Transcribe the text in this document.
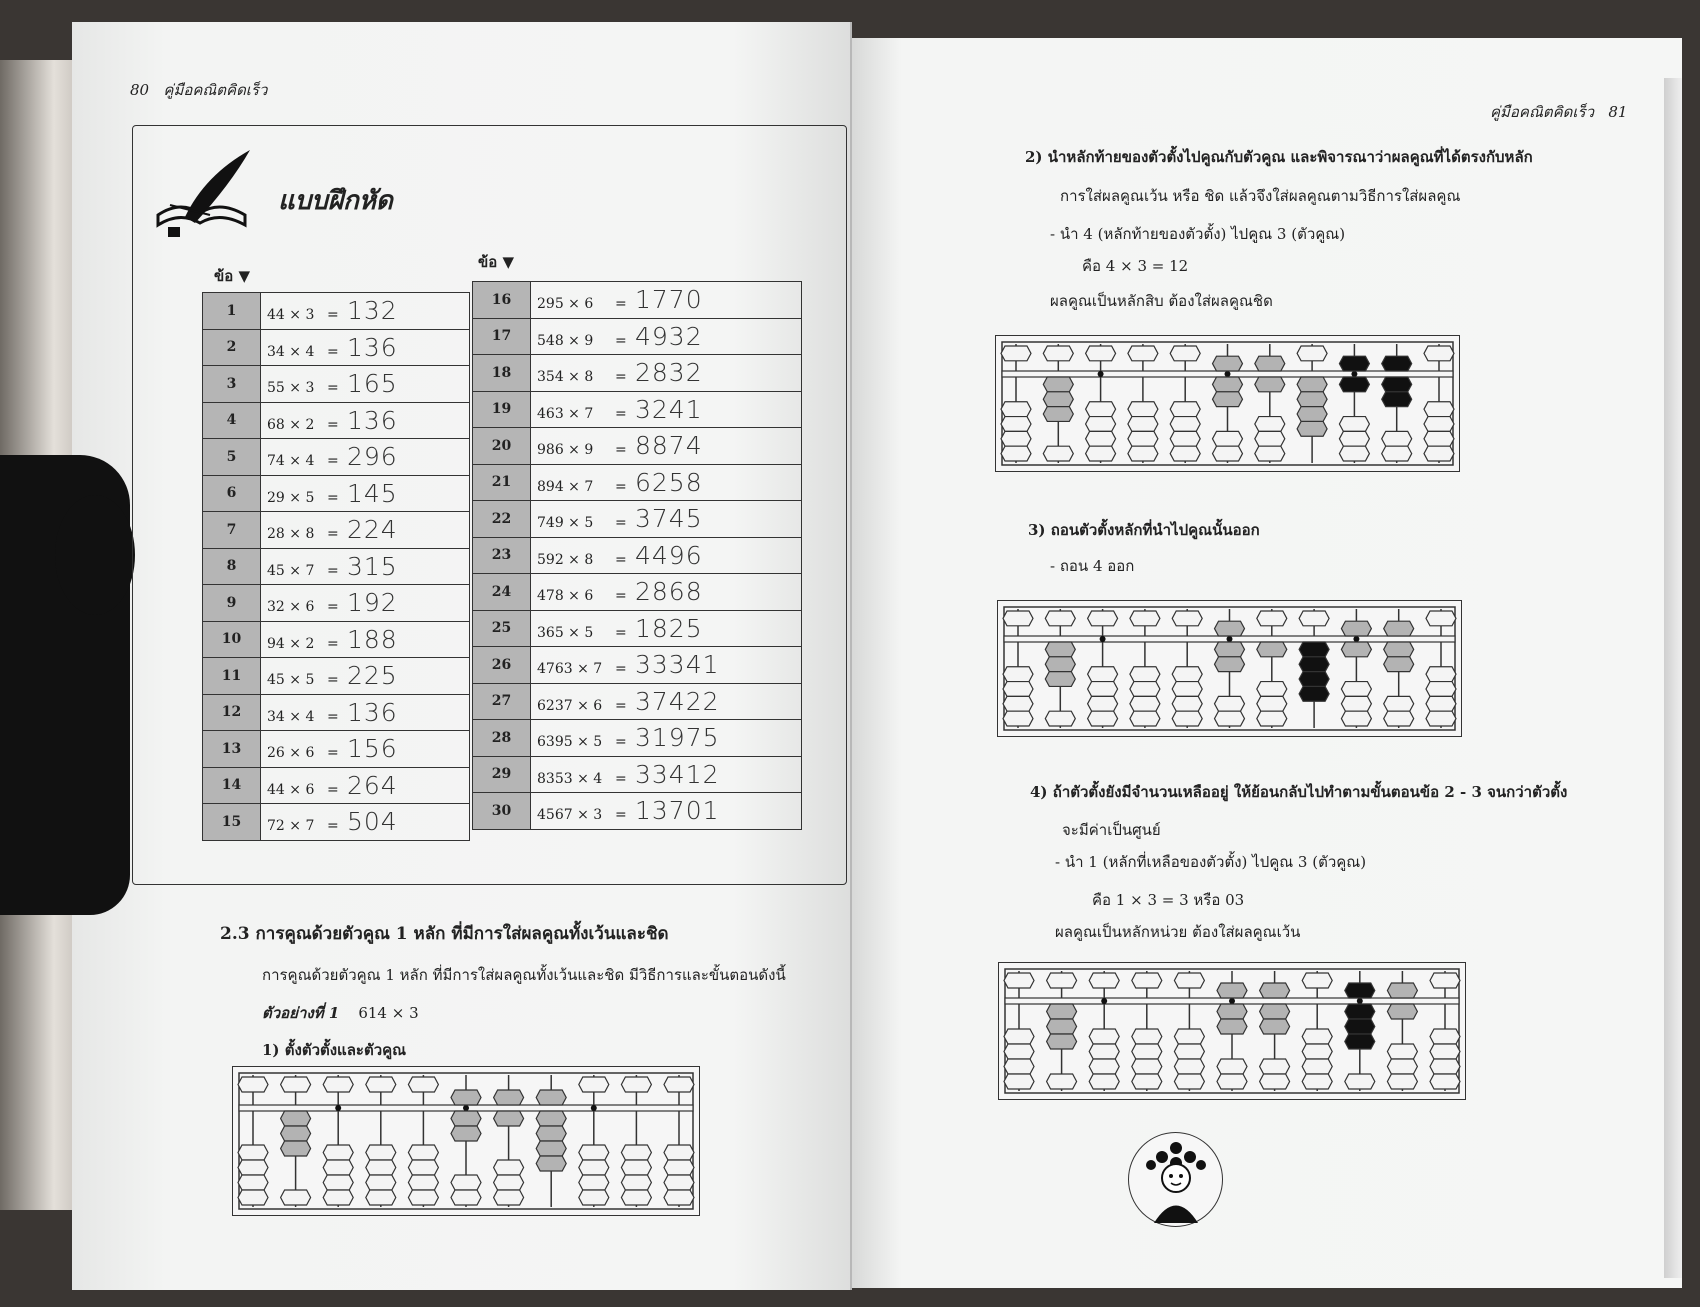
80 คู่มือคณิตคิดเร็ว
แบบฝึกหัด
ข้อ ▼
ข้อ ▼
1	44 × 3 = 132
2	34 × 4 = 136
3	55 × 3 = 165
4	68 × 2 = 136
5	74 × 4 = 296
6	29 × 5 = 145
7	28 × 8 = 224
8	45 × 7 = 315
9	32 × 6 = 192
10	94 × 2 = 188
11	45 × 5 = 225
12	34 × 4 = 136
13	26 × 6 = 156
14	44 × 6 = 264
15	72 × 7 = 504
16	295 × 6 = 1770
17	548 × 9 = 4932
18	354 × 8 = 2832
19	463 × 7 = 3241
20	986 × 9 = 8874
21	894 × 7 = 6258
22	749 × 5 = 3745
23	592 × 8 = 4496
24	478 × 6 = 2868
25	365 × 5 = 1825
26	4763 × 7 = 33341
27	6237 × 6 = 37422
28	6395 × 5 = 31975
29	8353 × 4 = 33412
30	4567 × 3 = 13701
2.3 การคูณด้วยตัวคูณ 1 หลัก ที่มีการใส่ผลคูณทั้งเว้นและชิด
การคูณด้วยตัวคูณ 1 หลัก ที่มีการใส่ผลคูณทั้งเว้นและชิด มีวิธีการและขั้นตอนดังนี้
ตัวอย่างที่ 1 614 × 3
1) ตั้งตัวตั้งและตัวคูณ
คู่มือคณิตคิดเร็ว 81
2) นำหลักท้ายของตัวตั้งไปคูณกับตัวคูณ และพิจารณาว่าผลคูณที่ได้ตรงกับหลัก
การใส่ผลคูณเว้น หรือ ชิด แล้วจึงใส่ผลคูณตามวิธีการใส่ผลคูณ
- นำ 4 (หลักท้ายของตัวตั้ง) ไปคูณ 3 (ตัวคูณ)
คือ 4 × 3 = 12
ผลคูณเป็นหลักสิบ ต้องใส่ผลคูณชิด
3) ถอนตัวตั้งหลักที่นำไปคูณนั้นออก
- ถอน 4 ออก
4) ถ้าตัวตั้งยังมีจำนวนเหลืออยู่ ให้ย้อนกลับไปทำตามขั้นตอนข้อ 2 - 3 จนกว่าตัวตั้ง
จะมีค่าเป็นศูนย์
- นำ 1 (หลักที่เหลือของตัวตั้ง) ไปคูณ 3 (ตัวคูณ)
คือ 1 × 3 = 3 หรือ 03
ผลคูณเป็นหลักหน่วย ต้องใส่ผลคูณเว้น
